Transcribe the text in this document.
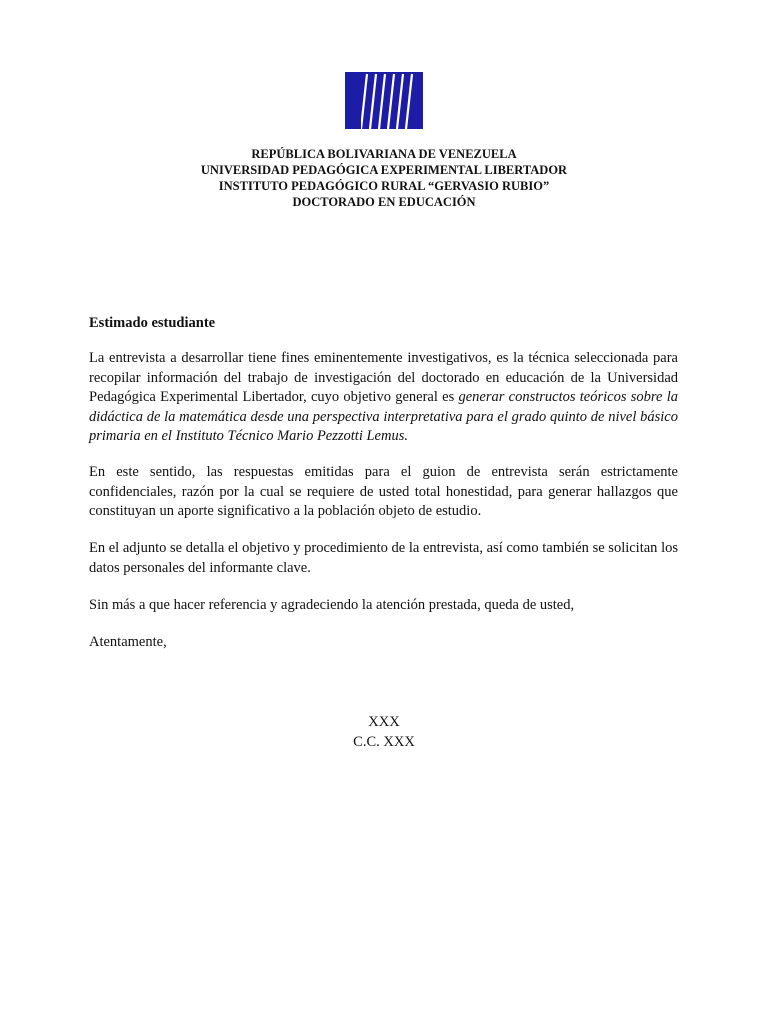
REPÚBLICA BOLIVARIANA DE VENEZUELA
UNIVERSIDAD PEDAGÓGICA EXPERIMENTAL LIBERTADOR
INSTITUTO PEDAGÓGICO RURAL “GERVASIO RUBIO”
DOCTORADO EN EDUCACIÓN
Estimado estudiante

La entrevista a desarrollar tiene fines eminentemente investigativos, es la técnica seleccionada para recopilar información del trabajo de investigación del doctorado en educación de la Universidad Pedagógica Experimental Libertador, cuyo objetivo general es generar constructos teóricos sobre la didáctica de la matemática desde una perspectiva interpretativa para el grado quinto de nivel básico primaria en el Instituto Técnico Mario Pezzotti Lemus.

En este sentido, las respuestas emitidas para el guion de entrevista serán estrictamente confidenciales, razón por la cual se requiere de usted total honestidad, para generar hallazgos que constituyan un aporte significativo a la población objeto de estudio.

En el adjunto se detalla el objetivo y procedimiento de la entrevista, así como también se solicitan los datos personales del informante clave.

Sin más a que hacer referencia y agradeciendo la atención prestada, queda de usted,

Atentamente,

XXX
C.C. XXX
